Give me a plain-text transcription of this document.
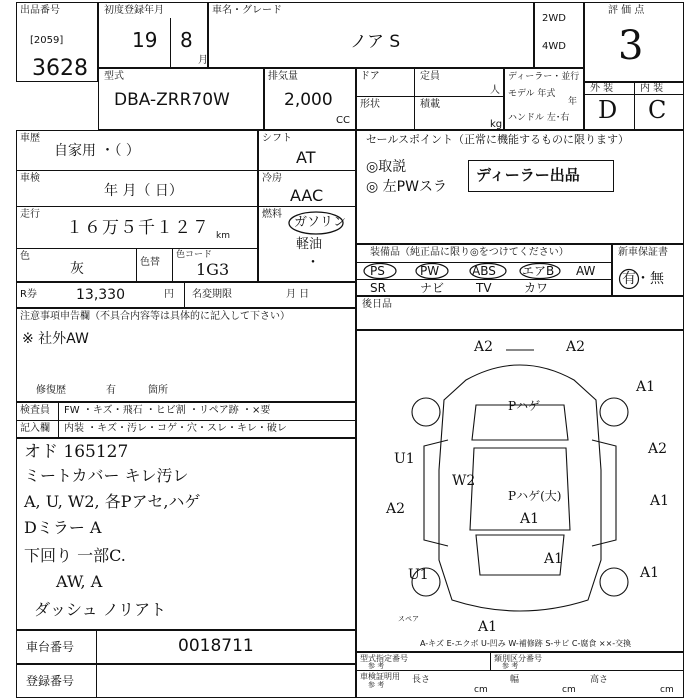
出品番号
[2059]
3628
初度登録年月
19 8
月
車名・グレード
ノア S
2WD
4WD
評 価 点
3
型式
DBA-ZRR70W
排気量
2,000
CC
ドア	定員
人
形状	積載
kg
ディーラー・並行
モデル 年式
年
ハンドル 左･右
外 装	内 装
D C
車歴
自家用 ・（ ）
車検
年 月（ 日）
走行
１６万５千１２７ km
色
灰	色替
色コード
1G3
R券	13,330	円 名変期限	月 日
シフト
AT
冷房
AAC
燃料
ガソリン
軽油
・
セールスポイント（正常に機能するものに限ります）
◎取説
◎ 左PWスラ
ディーラー出品
装備品（純正品に限り◎をつけてください）
PS	PW	ABS エアB AW
SR	ナビ	TV	カワ
新車保証書
有・無
後日品
注意事項申告欄（不具合内容等は具体的に記入して下さい）
※ 社外AW
修復歴	有	箇所
検査員 FW ・キズ・飛石 ・ヒビ割 ・リペア跡 ・×要
記入欄 内装 ・キズ・汚レ・コゲ・穴・スレ・キレ・破レ
オド 165127
ミートカバー キレ汚レ
A, U, W2, 各Pアセ,ハゲ
Dミラー A
下回り 一部C.
AW, A
ダッシュ ノリアト
A2	A2
A1
A2
A1
A1
A1
A1
A1
U1
U1
W2
A2
Pハゲ
Pハゲ(大)
スペア
A-キズ E-エクボ U-凹み W-補修跡 S-サビ C-腐食 ××-交換
車台番号	0018711
登録番号
型式指定番号
参 考
類別区分番号
参 考
車検証明用
参 考	長さ
cm
幅
cm
高さ
cm
